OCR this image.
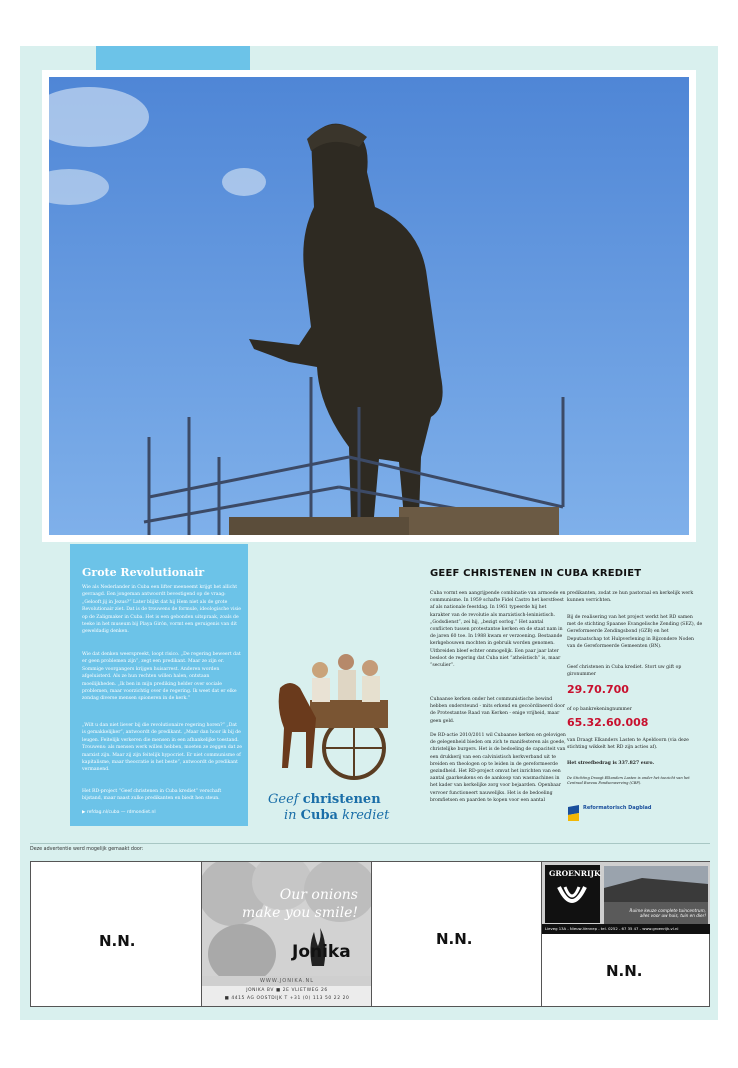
Grote Revolutionair
Wie als Nederlander in Cuba een lifter meeneemt krijgt het allicht gevraagd. Een jongeman antwoordt bevestigend op de vraag: „Gelooft jij in Jezus?” Later blijkt dat hij Hem niet als de grote Revolutionair ziet. Dat is de trouwens de formule, ideologische visie op de Zaligmaker in Cuba. Het is een gebonden uitspraak, zoals de teeke in het museum bij Playa Girón, vormt een geruigenis van dit geweldadig denken.
Wie dat denken weerspreekt, loopt risico. „De regering beweert dat er geen problemen zijn”, zegt een predikant. Maar ze zijn er. Sommige voorgangers krijgen huisarrest. Anderen worden afgeluisterd. Als ze hun rechten willen halen, ontstaan moeilijkheden. „Ik ben in mijn prediking helder over sociale problemen, maar voorzichtig over de regering. Ik weet dat er elke zondag diverse mensen spioneren in de kerk.”
„Wilt u dan niet liever bij die revolutionaire regering horen?” „Dat is gemakkelijker”, antwoordt de predikant. „Maar dan hoor ik bij de leugen. Feitelijk verkeren die mensen in een afhankelijke toestand. Trouwens: als mensen werk willen hebben, moeten ze zeggen dat ze marxist zijn. Maar zij zijn feitelijk hypocriet. Er niet communisme of kapitalisme, maar theocratie is het beste”, antwoordt de predikant vermanend.
Het RD-project “Geef christenen in Cuba krediet” verschaft bijstand, maar naast zulke predikanten en biedt hen steun.
▶ refdag.nl/cuba — rdmondiet.nl
Geef christenen
in Cuba krediet
GEEF CHRISTENEN IN CUBA KREDIET
Cuba vormt een aangrijpende combinatie van armoede en communisme. In 1959 schafte Fidel Castro het kerstfeest af als nationale feestdag. In 1961 typeerde hij het karakter van de revolutie als marxistisch-leninistisch. „Godsdienst”, zei hij, „bezigt oorlog.” Het aantal conflicten tussen protestantse kerken en de staat nam in de jaren 60 toe. In 1988 kwam er verzoening. Bestaande kerkgebouwen mochten in gebruik worden genomen. Uitbreiden bleef echter onmogelijk. Een paar jaar later besloot de regering dat Cuba niet “atheïstisch” is, maar “seculier”.
Cubaanse kerken onder het communistische bewind hebben ondersteund - mits erkend en gecoördineerd door de Protestantse Raad van Kerken - enige vrijheid, maar geen geld.
De RD-actie 2010/2011 wil Cubaanse kerken en gelovigen de gelegenheid bieden om zich te manifesteren als goede, christelijke burgers. Het is de bedoeling de capaciteit van een drukkerij van een calvinistisch kerkverband uit te breiden en theologen op te leiden in de gereformeerde gezindheid. Het RD-project omvat het inrichten van een aantal gaarkeukens en de aankoop van wasmachines in het kader van kerkelijke zorg voor bejaarden. Openbaar vervoer functioneert nauwelijks. Het is de bedoeling bromfietsen en paarden te kopen voor een aantal
predikanten, zodat ze hun pastoraal en kerkelijk werk kunnen verrichten.
Bij de realisering van het project werkt het RD samen met de stichting Spaanse Evangelische Zending (SEZ), de Gereformeerde Zendingsbond (GZB) en het Deputaatschap tot Hulpverlening in Bijzondere Noden van de Gereformeerde Gemeenten (BN).
Geef christenen in Cuba krediet. Stort uw gift op gironummer
29.70.700
of op bankrekeningnummer
65.32.60.008
van Draagt Elkanders Lasten te Apeldoorn (via deze stichting wikkelt het RD zijn acties af).
Het streefbedrag is 337.827 euro.
De Stichting Draagt Elkanders Lasten is onder het toezicht van het Centraal Bureau Fondsenwerving (CBF).
Reformatorisch Dagblad
Deze advertentie werd mogelijk gemaakt door:
N.N.
Our onions
make you smile!
Jonika
WWW.JONIKA.NL
JONIKA BV ■ 2E VLIETWEG 26
■ 4415 AG OOSTDIJK T +31 (0) 113 50 22 20
N.N.
GROENRIJK
Ruime keuze complete tuincentrum,
alles voor uw huis, tuin en dier!
Lieveg 13A - Nieuw-Vennep - tel. 0252 - 67 35 47 - www.groenrijk-vl.nl
N.N.
